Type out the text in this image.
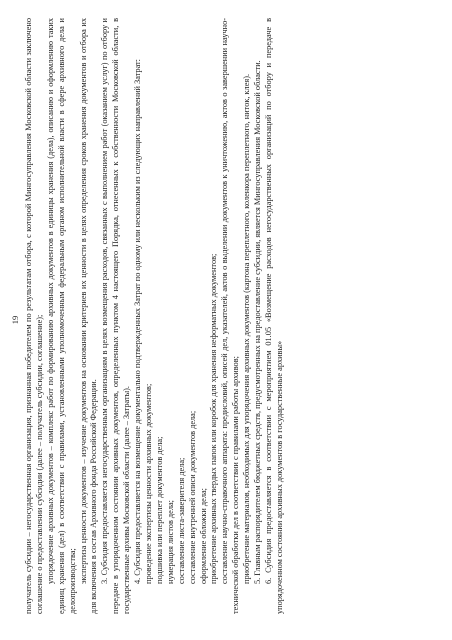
19 получатель субсидии – негосударственная организация, признанная победителем по результатам отбора, с которой Мингосуправления Московской области заключено соглашение о предоставлении субсидии (далее – получатель субсидии, соглашение); упорядочение архивных документов – комплекс работ по формированию архивных документов в единицы хранения (дела), описанию и оформлению таких единиц хранения (дел) в соответствии с правилами, установленными уполномоченным федеральным органом исполнительной власти в сфере архивного дела и делопроизводства; экспертиза ценности документов – изучение документов на основании критериев их ценности в целях определения сроков хранения документов и отбора их для включения в состав Архивного фонда Российской Федерации. 3. Субсидия предоставляется негосударственным организациям в целях возмещения расходов, связанных с выполнением работ (оказанием услуг) по отбору и передаче в упорядоченном состоянии архивных документов, определенных пунктом 4 настоящего Порядка, отнесенных к собственности Московской области, в государственные архивы Московской области (далее – Затраты). 4. Субсидия предоставляется на возмещение документально подтвержденных Затрат по одному или нескольким из следующих направлений Затрат: проведение экспертизы ценности архивных документов; подшивка или переплет документов дела; нумерация листов дела; составление листа-заверителя дела; составление внутренней описи документов дела; оформление обложки дела; приобретение архивных твердых папок или коробок для хранения неформатных документов; составление научно-справочного аппарата: предисловий, описей дел, указателей, актов о выделении документов к уничтожению, актов о завершении научно-технической обработки дел в соответствии с правилами работы архивов; приобретение материалов, необходимых для упорядочения архивных документов (картона переплетного, коленкора переплетного, ниток, клея). 5. Главным распорядителем бюджетных средств, предусмотренных на предоставление субсидии, является Мингосуправления Московской области. 6. Субсидия предоставляется в соответствии с мероприятием 01.05 «Возмещение расходов негосударственных организаций по отбору и передаче в упорядоченном состоянии архивных документов в государственные архивы»
